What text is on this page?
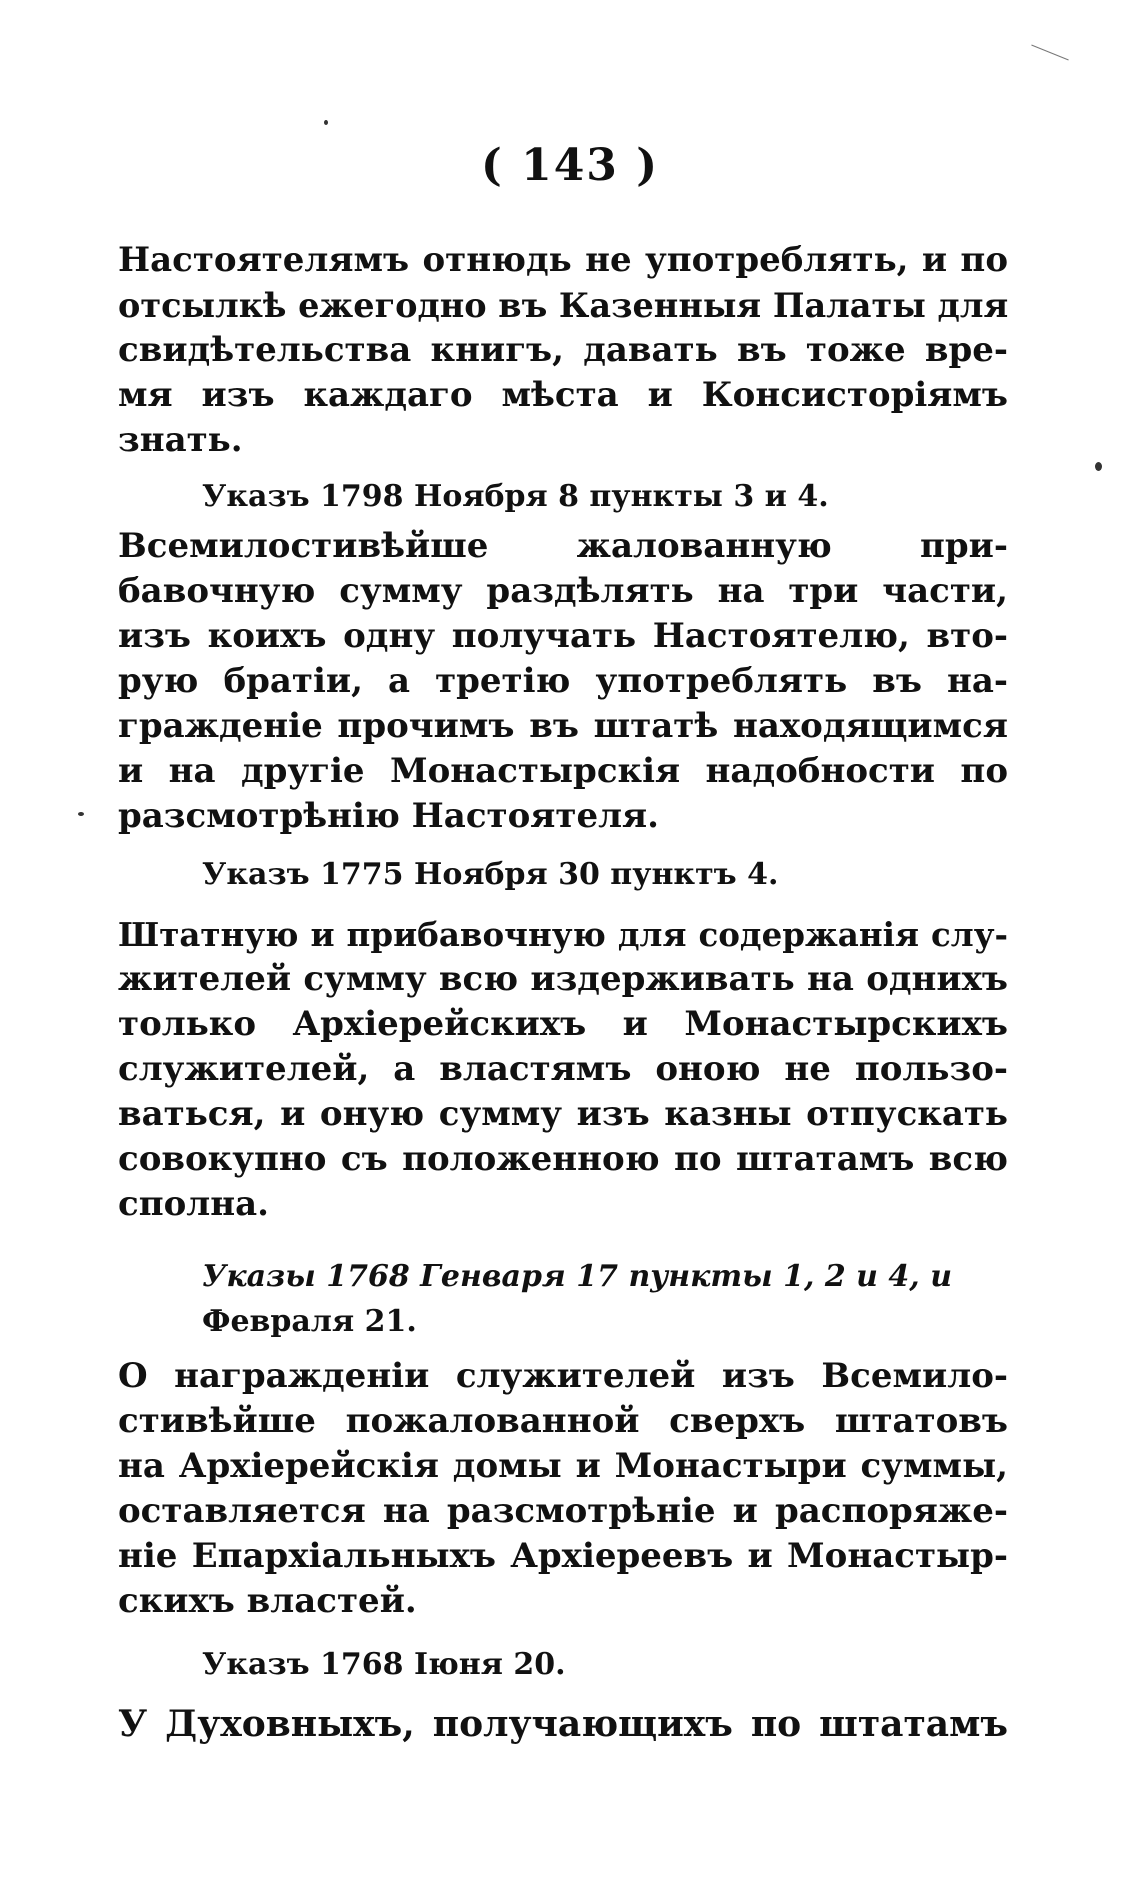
( 143 )
Настоятелямъ отнюдь не употреблять, и по
отсылкѣ ежегодно въ Казенныя Палаты для
свидѣтельства книгъ, давать въ тоже вре-
мя изъ каждаго мѣста и Консисторіямъ
знать.
Указъ 1798 Ноября 8 пункты 3 и 4.
Всемилостивѣйше жалованную при-
бавочную сумму раздѣлять на три части,
изъ коихъ одну получать Настоятелю, вто-
рую братіи, а третію употреблять въ на-
гражденіе прочимъ въ штатѣ находящимся
и на другіе Монастырскія надобности по
разсмотрѣнію Настоятеля.
Указъ 1775 Ноября 30 пунктъ 4.
Штатную и прибавочную для содержанія слу-
жителей сумму всю издерживать на однихъ
только Архіерейскихъ и Монастырскихъ
служителей, а властямъ оною не пользо-
ваться, и оную сумму изъ казны отпускать
совокупно съ положенною по штатамъ всю
сполна.
Указы 1768 Генваря 17 пункты 1, 2 и 4, и
Февраля 21.
О награжденіи служителей изъ Всемило-
стивѣйше пожалованной сверхъ штатовъ
на Архіерейскія домы и Монастыри суммы,
оставляется на разсмотрѣніе и распоряже-
ніе Епархіальныхъ Архіереевъ и Монастыр-
скихъ властей.
Указъ 1768 Іюня 20.
У Духовныхъ, получающихъ по штатамъ
